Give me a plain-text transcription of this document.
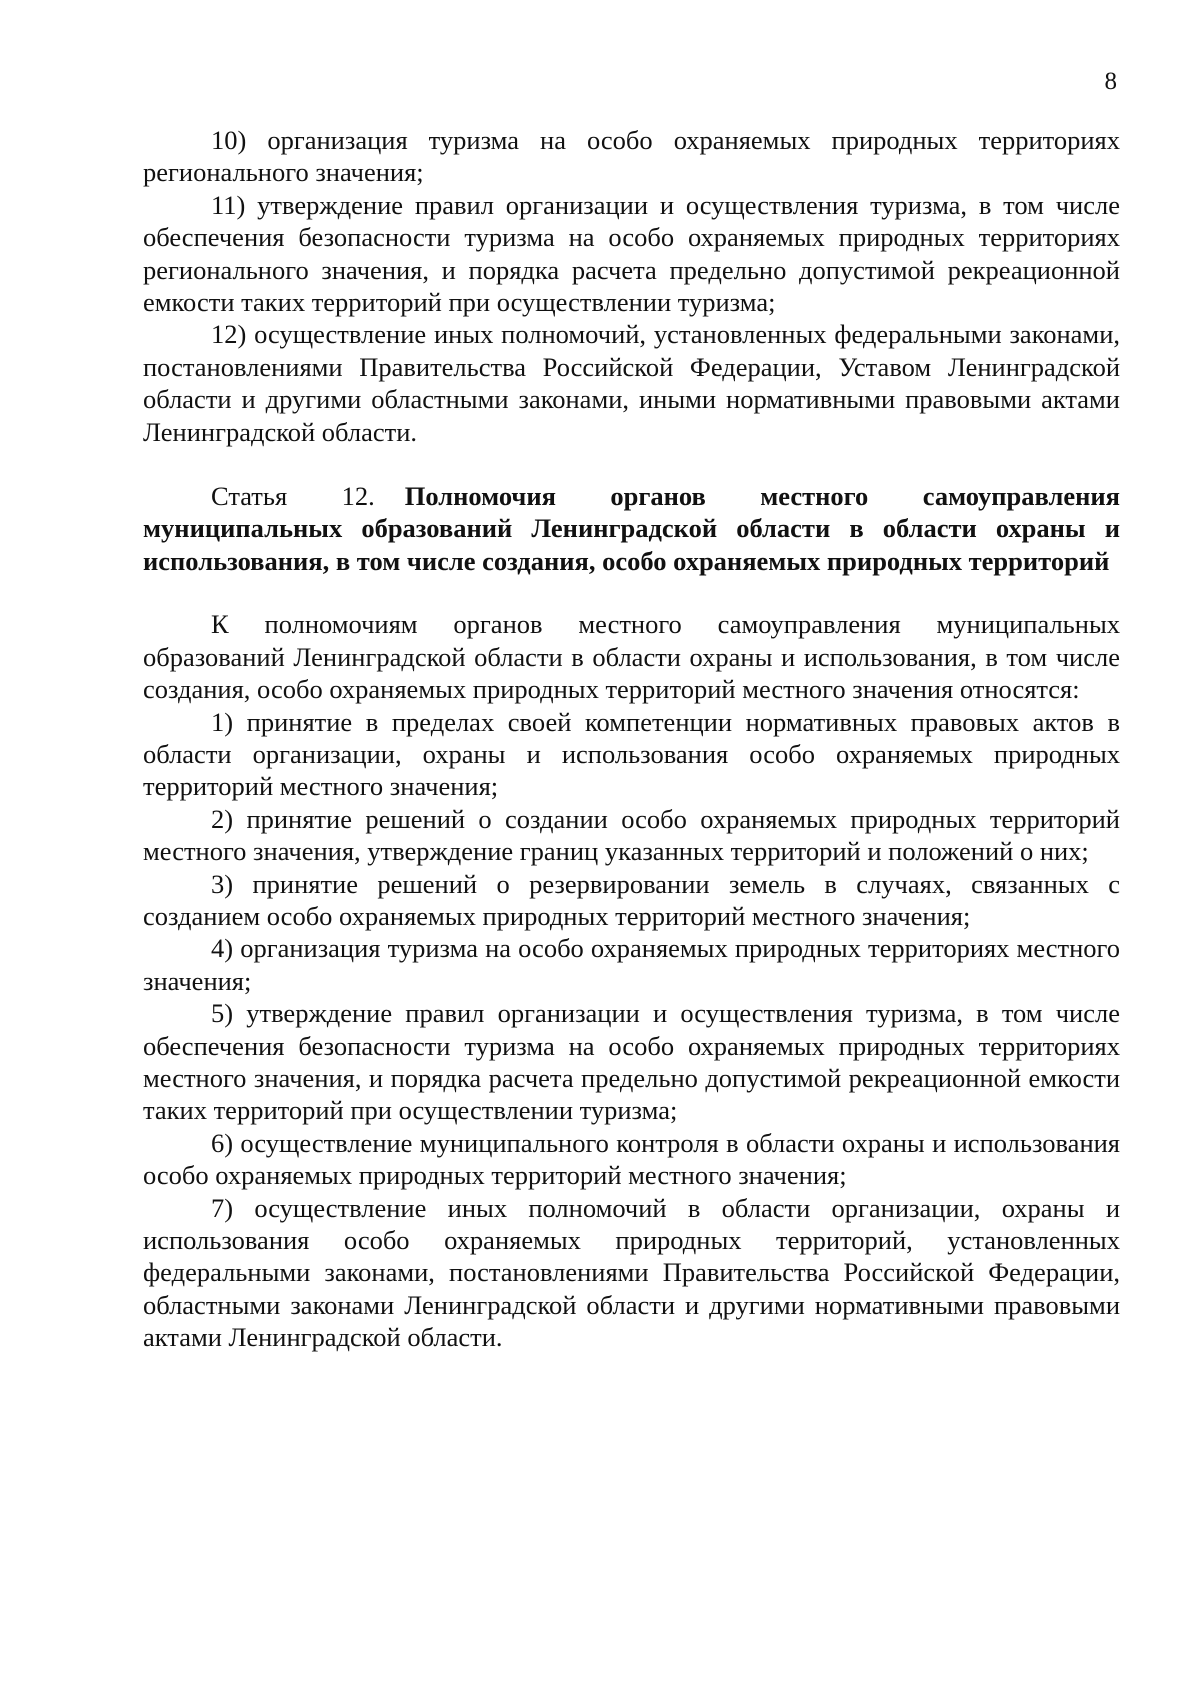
8

10) организация туризма на особо охраняемых природных территориях регионального значения;

11) утверждение правил организации и осуществления туризма, в том числе обеспечения безопасности туризма на особо охраняемых природных территориях регионального значения, и порядка расчета предельно допустимой рекреационной емкости таких территорий при осуществлении туризма;

12) осуществление иных полномочий, установленных федеральными законами, постановлениями Правительства Российской Федерации, Уставом Ленинградской области и другими областными законами, иными нормативными правовыми актами Ленинградской области.

Статья 12. Полномочия органов местного самоуправления муниципальных образований Ленинградской области в области охраны и использования, в том числе создания, особо охраняемых природных территорий

К полномочиям органов местного самоуправления муниципальных образований Ленинградской области в области охраны и использования, в том числе создания, особо охраняемых природных территорий местного значения относятся:

1) принятие в пределах своей компетенции нормативных правовых актов в области организации, охраны и использования особо охраняемых природных территорий местного значения;

2) принятие решений о создании особо охраняемых природных территорий местного значения, утверждение границ указанных территорий и положений о них;

3) принятие решений о резервировании земель в случаях, связанных с созданием особо охраняемых природных территорий местного значения;

4) организация туризма на особо охраняемых природных территориях местного значения;

5) утверждение правил организации и осуществления туризма, в том числе обеспечения безопасности туризма на особо охраняемых природных территориях местного значения, и порядка расчета предельно допустимой рекреационной емкости таких территорий при осуществлении туризма;

6) осуществление муниципального контроля в области охраны и использования особо охраняемых природных территорий местного значения;

7) осуществление иных полномочий в области организации, охраны и использования особо охраняемых природных территорий, установленных федеральными законами, постановлениями Правительства Российской Федерации, областными законами Ленинградской области и другими нормативными правовыми актами Ленинградской области.
